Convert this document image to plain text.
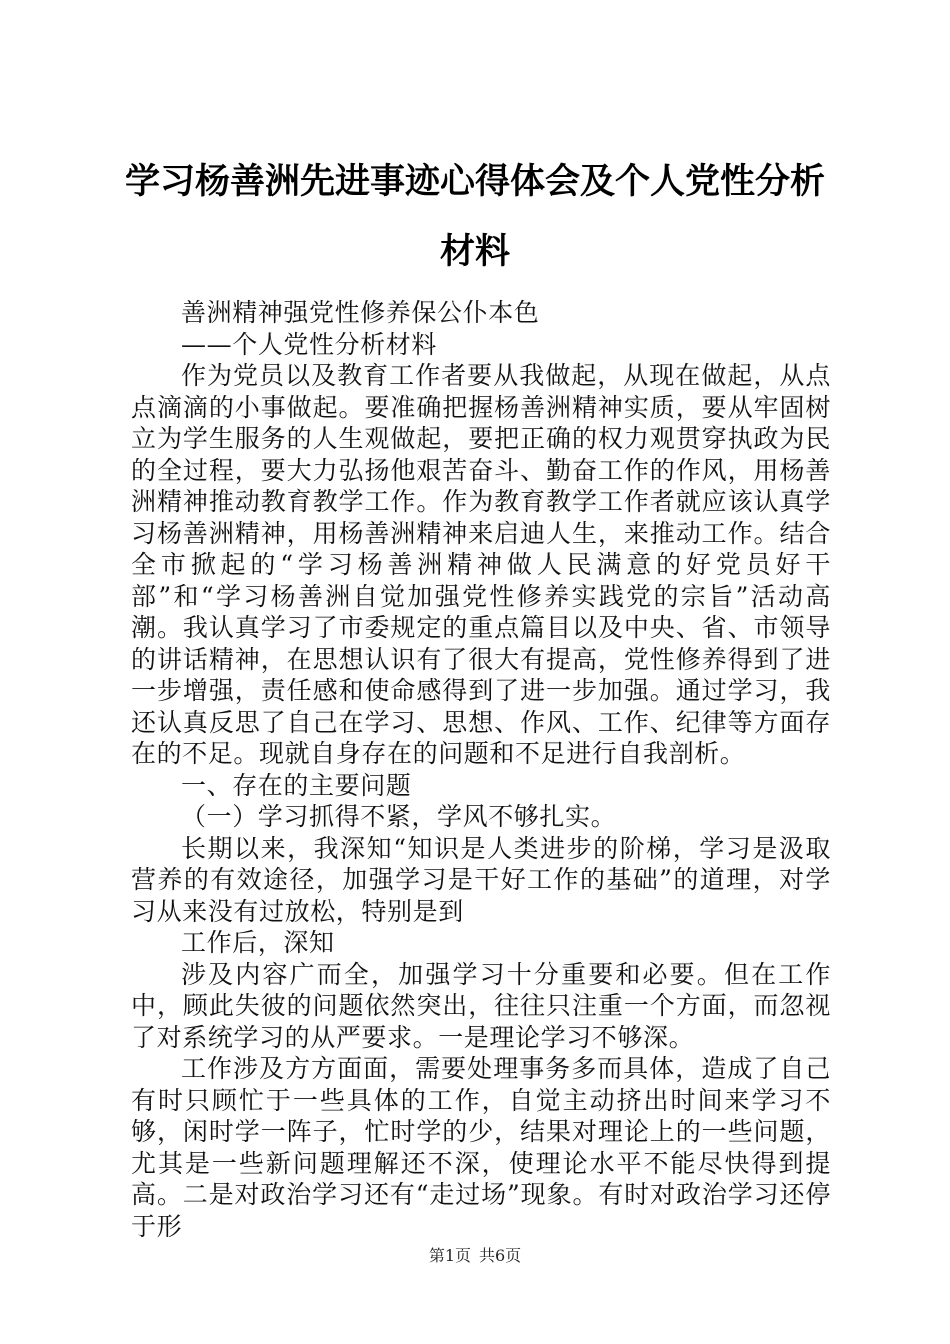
学习杨善洲先进事迹心得体会及个人党性分析材料

善洲精神强党性修养保公仆本色

——个人党性分析材料

作为党员以及教育工作者要从我做起，从现在做起，从点点滴滴的小事做起。要准确把握杨善洲精神实质，要从牢固树立为学生服务的人生观做起，要把正确的权力观贯穿执政为民的全过程，要大力弘扬他艰苦奋斗、勤奋工作的作风，用杨善洲精神推动教育教学工作。作为教育教学工作者就应该认真学习杨善洲精神，用杨善洲精神来启迪人生，来推动工作。结合全市掀起的“学习杨善洲精神做人民满意的好党员好干部”和“学习杨善洲自觉加强党性修养实践党的宗旨”活动高潮。我认真学习了市委规定的重点篇目以及中央、省、市领导的讲话精神，在思想认识有了很大有提高，党性修养得到了进一步增强，责任感和使命感得到了进一步加强。通过学习，我还认真反思了自己在学习、思想、作风、工作、纪律等方面存在的不足。现就自身存在的问题和不足进行自我剖析。

一、存在的主要问题

（一）学习抓得不紧，学风不够扎实。

长期以来，我深知“知识是人类进步的阶梯，学习是汲取营养的有效途径，加强学习是干好工作的基础”的道理，对学习从来没有过放松，特别是到

工作后，深知

涉及内容广而全，加强学习十分重要和必要。但在工作中，顾此失彼的问题依然突出，往往只注重一个方面，而忽视了对系统学习的从严要求。一是理论学习不够深。

工作涉及方方面面，需要处理事务多而具体，造成了自己有时只顾忙于一些具体的工作，自觉主动挤出时间来学习不够，闲时学一阵子，忙时学的少，结果对理论上的一些问题，尤其是一些新问题理解还不深，使理论水平不能尽快得到提高。二是对政治学习还有“走过场”现象。有时对政治学习还停于形

第1页 共6页
